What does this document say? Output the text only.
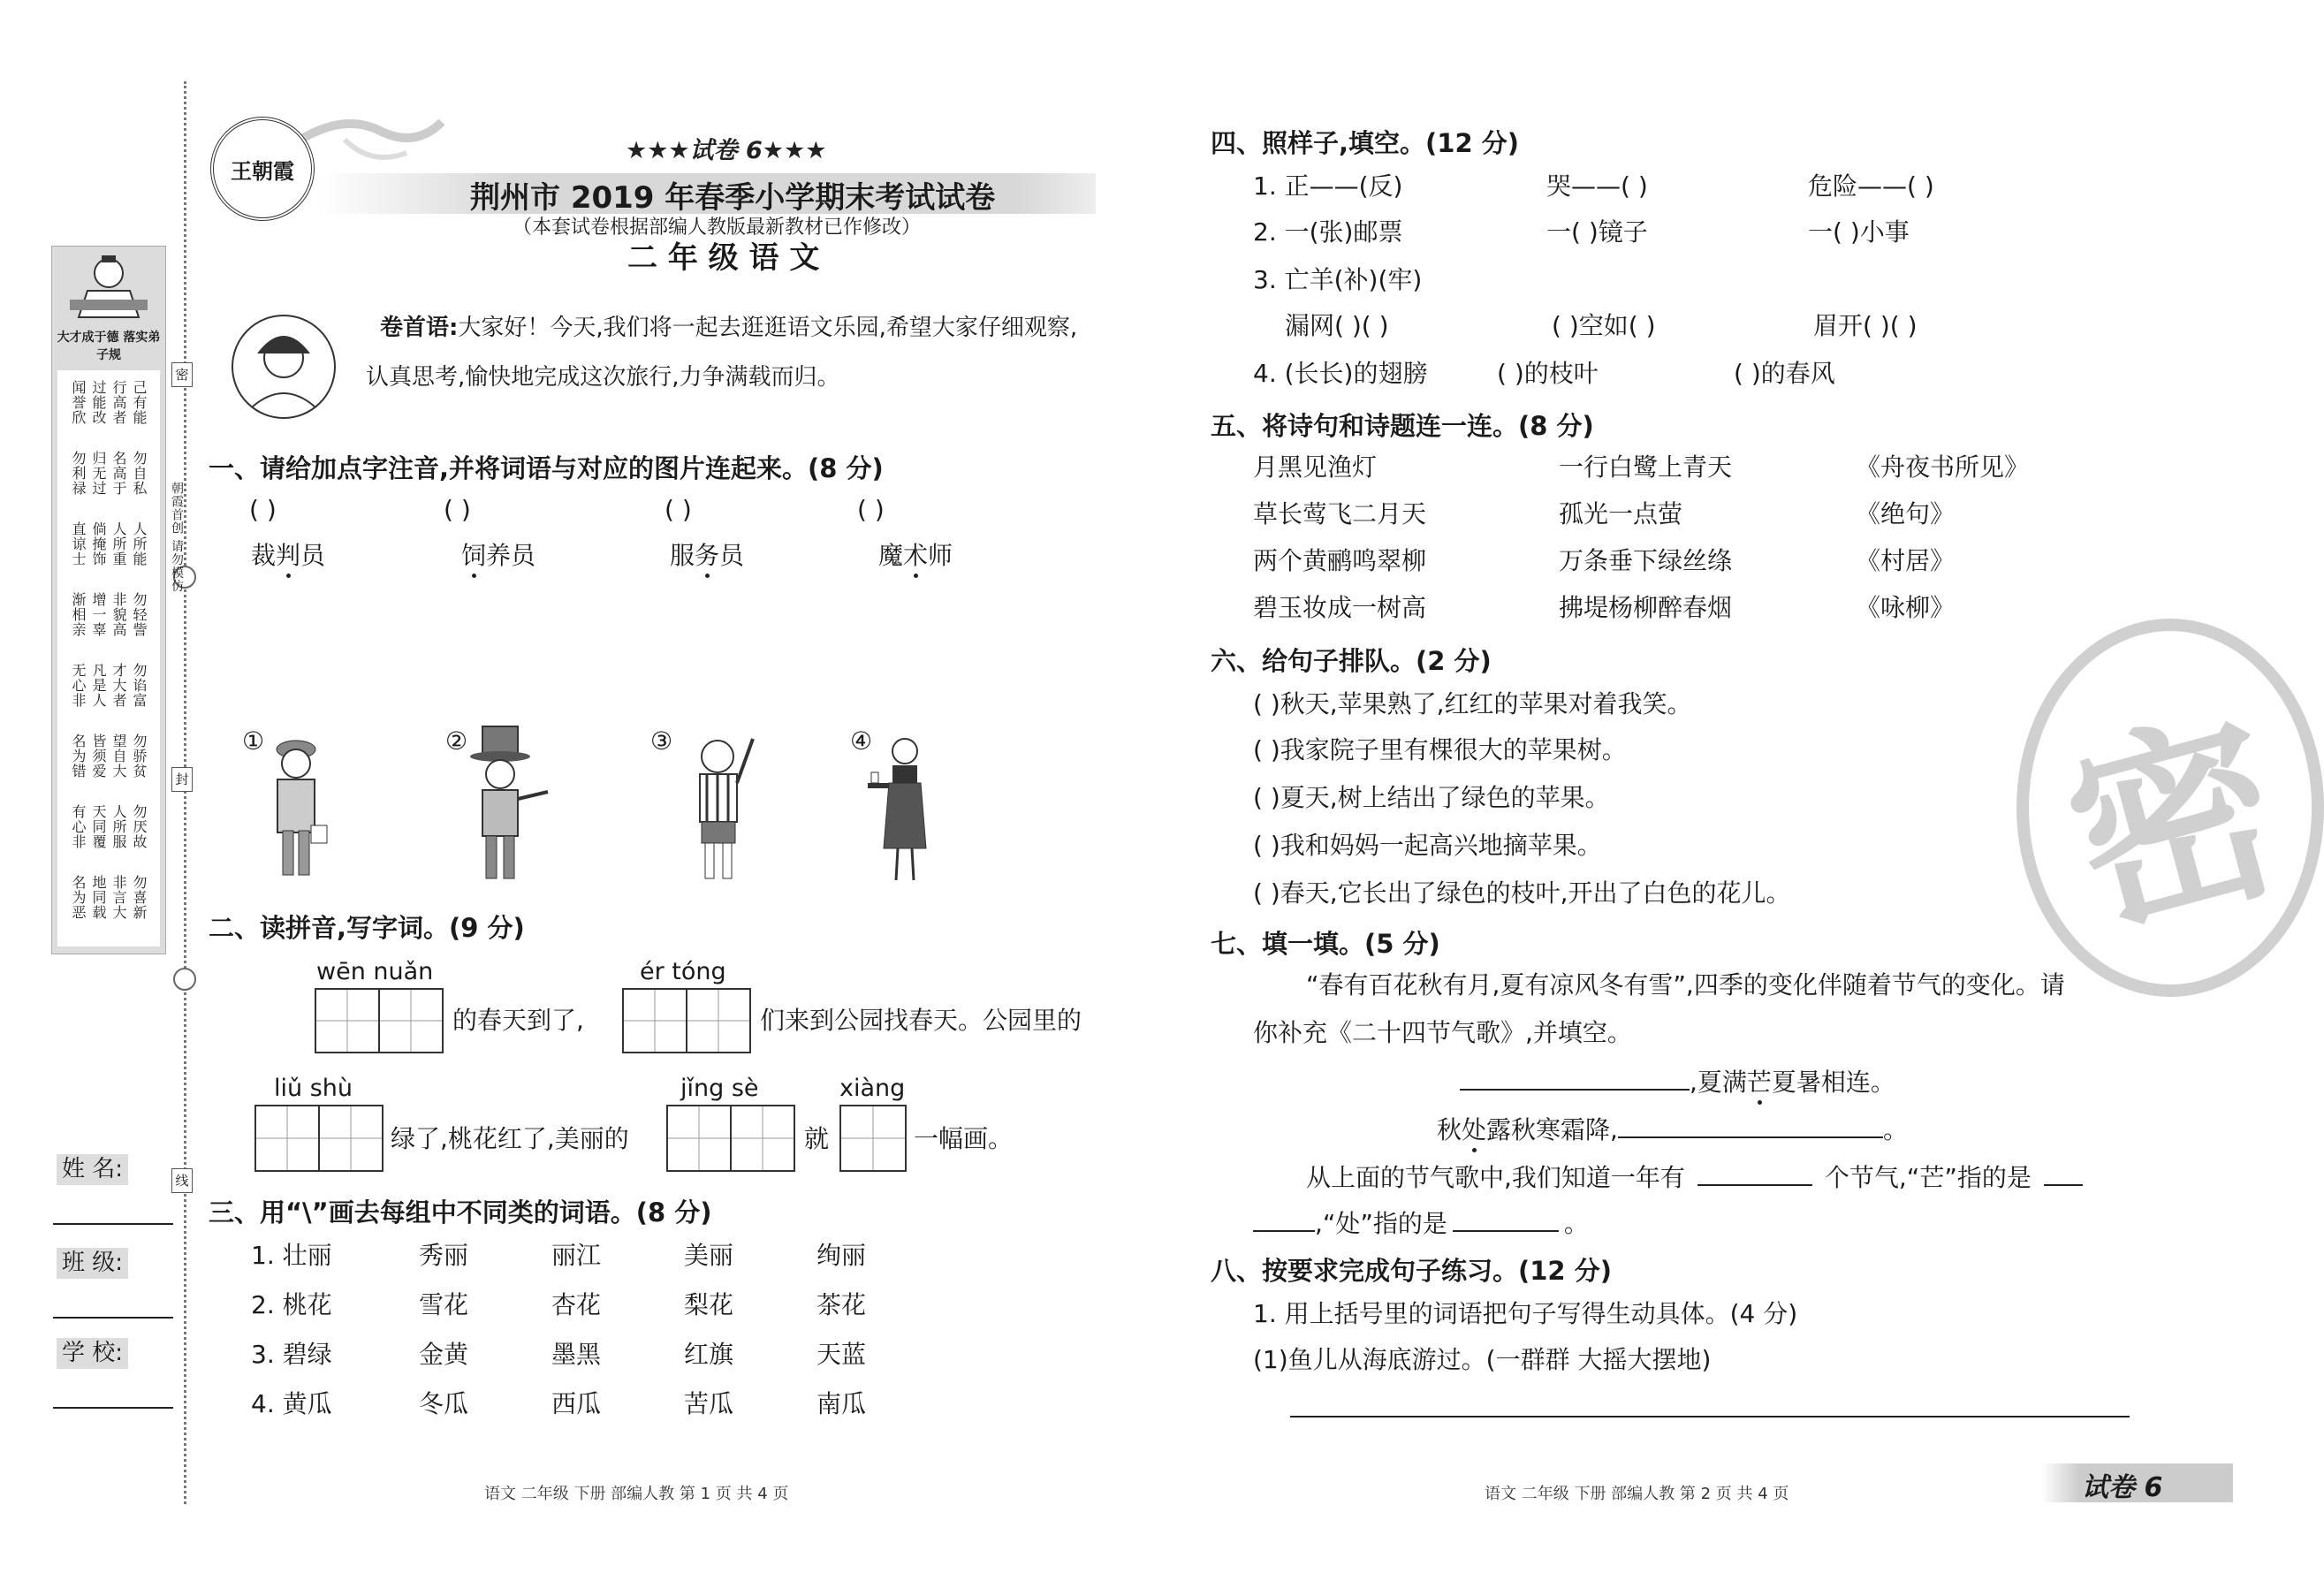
密
封
朝霞首创 请勿模仿
线
大才成于德 落实弟子规
己有能 行高者 过能改 闻誉欣
勿自私 名高于 归无过 勿利禄
人所能 人所重 倘掩饰 直谅士
勿轻訾 非貌高 增一辜 渐相亲
勿谄富 才大者 凡是人 无心非
勿骄贫 望自大 皆须爱 名为错
勿厌故 人所服 天同覆 有心非
勿喜新 非言大 地同载 名为恶
姓 名:
班 级:
学 校:
王朝霞
★★★试卷 6★★★
荆州市 2019 年春季小学期末考试试卷
（本套试卷根据部编人教版最新教材已作修改）
二 年 级 语 文
卷首语:大家好！今天,我们将一起去逛逛语文乐园,希望大家仔细观察,
认真思考,愉快地完成这次旅行,力争满载而归。
一、请给加点字注音,并将词语与对应的图片连起来。(8 分)
( )	( )	( )	( )
裁判员	饲养员	服务员	魔术师
①	②	③	④
二、读拼音,写字词。(9 分)
wēn nuǎn	ér tóng
的春天到了,	们来到公园找春天。公园里的
liǔ shù	jǐng sè	xiàng
绿了,桃花红了,美丽的	就	一幅画。
三、用“\”画去每组中不同类的词语。(8 分)
1. 壮丽	秀丽	丽江	美丽	绚丽
2. 桃花	雪花	杏花	梨花	茶花
3. 碧绿	金黄	墨黑	红旗	天蓝
4. 黄瓜	冬瓜	西瓜	苦瓜	南瓜
语文 二年级 下册 部编人教 第 1 页 共 4 页
四、照样子,填空。(12 分)
1. 正——(反)	哭——( )	危险——( )
2. 一(张)邮票	一( )镜子	一( )小事
3. 亡羊(补)(牢)
漏网( )( )	( )空如( )	眉开( )( )
4. (长长)的翅膀	( )的枝叶	( )的春风
五、将诗句和诗题连一连。(8 分)
月黑见渔灯	一行白鹭上青天	《舟夜书所见》
草长莺飞二月天	孤光一点萤	《绝句》
两个黄鹂鸣翠柳	万条垂下绿丝绦	《村居》
碧玉妆成一树高	拂堤杨柳醉春烟	《咏柳》
六、给句子排队。(2 分)
( )秋天,苹果熟了,红红的苹果对着我笑。
( )我家院子里有棵很大的苹果树。
( )夏天,树上结出了绿色的苹果。
( )我和妈妈一起高兴地摘苹果。
( )春天,它长出了绿色的枝叶,开出了白色的花儿。
七、填一填。(5 分)
“春有百花秋有月,夏有凉风冬有雪”,四季的变化伴随着节气的变化。请
你补充《二十四节气歌》,并填空。
,夏满芒夏暑相连。
秋处露秋寒霜降,	。
从上面的节气歌中,我们知道一年有	个节气,“芒”指的是
,“处”指的是	。
八、按要求完成句子练习。(12 分)
1. 用上括号里的词语把句子写得生动具体。(4 分)
(1)鱼儿从海底游过。(一群群 大摇大摆地)
语文 二年级 下册 部编人教 第 2 页 共 4 页	试卷 6
密
